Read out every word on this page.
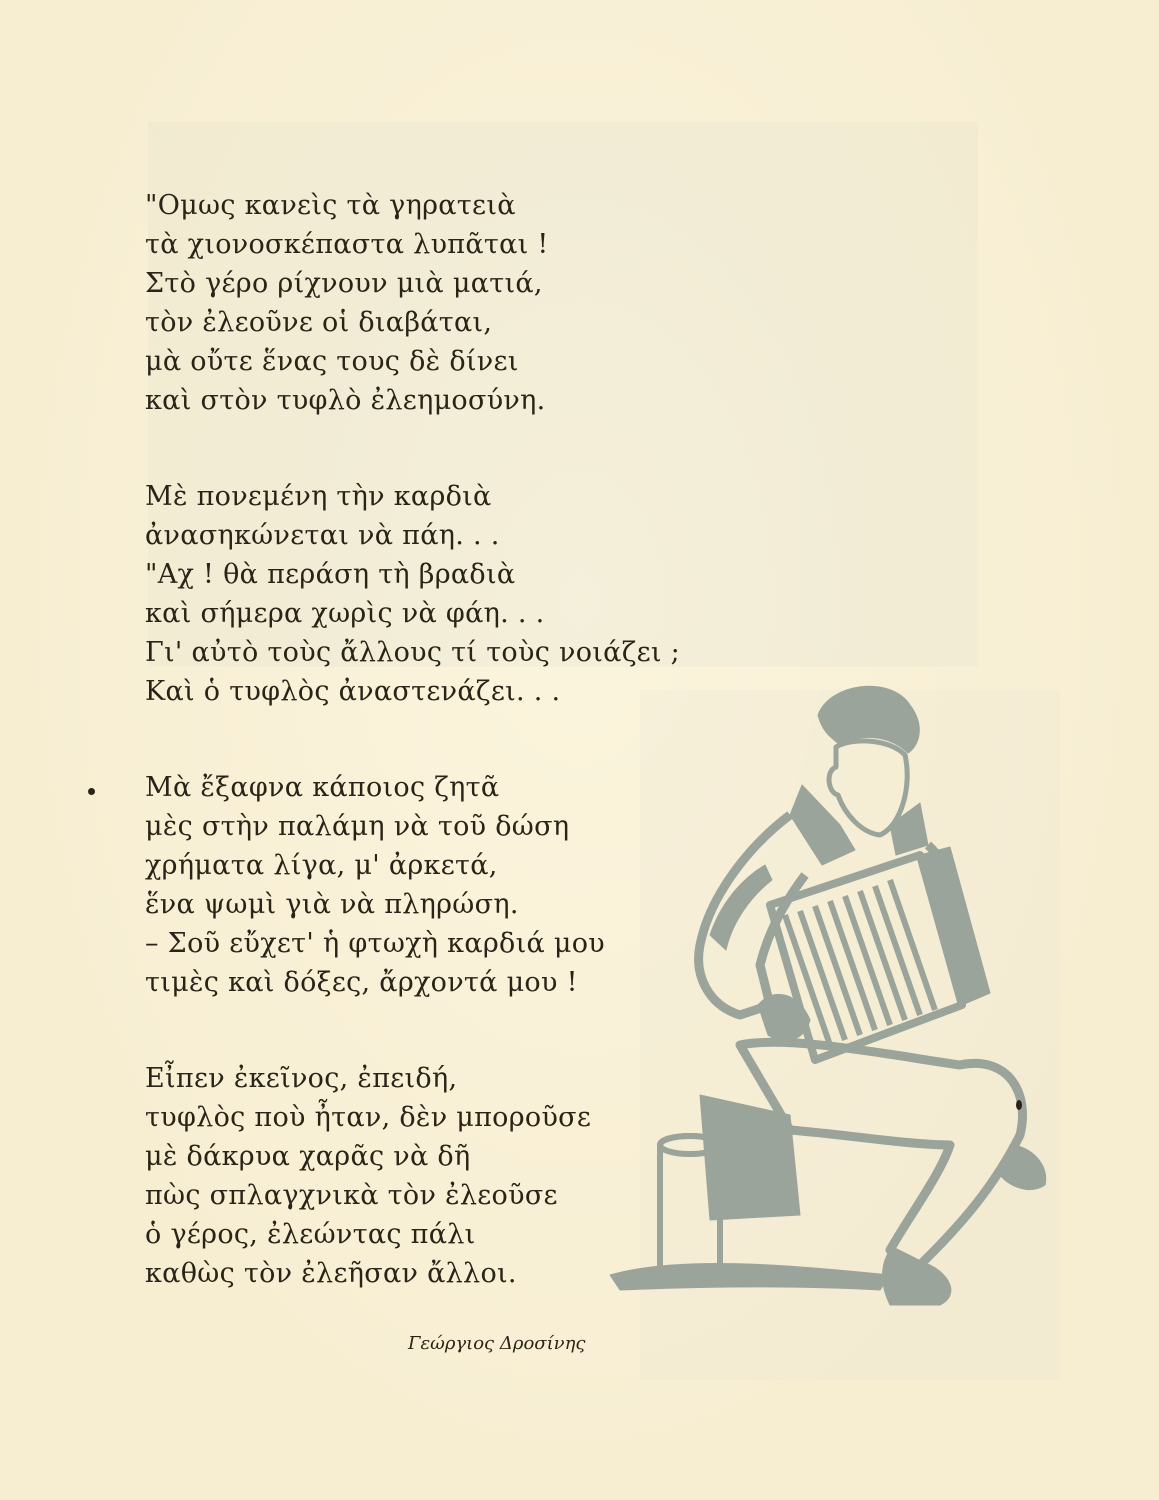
"Ομως κανεὶς τὰ γηρατειὰ
τὰ χιονοσκέπαστα λυπᾶται !
Στὸ γέρο ρίχνουν μιὰ ματιά,
τὸν ἐλεοῦνε οἱ διαβάται,
μὰ οὔτε ἕνας τους δὲ δίνει
καὶ στὸν τυφλὸ ἐλεημοσύνη.
Μὲ πονεμένη τὴν καρδιὰ
ἀνασηκώνεται νὰ πάη. . .
"Αχ ! θὰ περάση τὴ βραδιὰ
καὶ σήμερα χωρὶς νὰ φάη. . .
Γι' αὐτὸ τοὺς ἄλλους τί τοὺς νοιάζει ;
Καὶ ὁ τυφλὸς ἀναστενάζει. . .
Μὰ ἔξαφνα κάποιος ζητᾶ
μὲς στὴν παλάμη νὰ τοῦ δώση
χρήματα λίγα, μ' ἀρκετά,
ἕνα ψωμὶ γιὰ νὰ πληρώση.
– Σοῦ εὔχετ' ἡ φτωχὴ καρδιά μου
τιμὲς καὶ δόξες, ἄρχοντά μου !
Εἶπεν ἐκεῖνος, ἐπειδή,
τυφλὸς ποὺ ἦταν, δὲν μποροῦσε
μὲ δάκρυα χαρᾶς νὰ δῆ
πὼς σπλαγχνικὰ τὸν ἐλεοῦσε
ὁ γέρος, ἐλεώντας πάλι
καθὼς τὸν ἐλεῆσαν ἄλλοι.
Γεώργιος Δροσίνης
